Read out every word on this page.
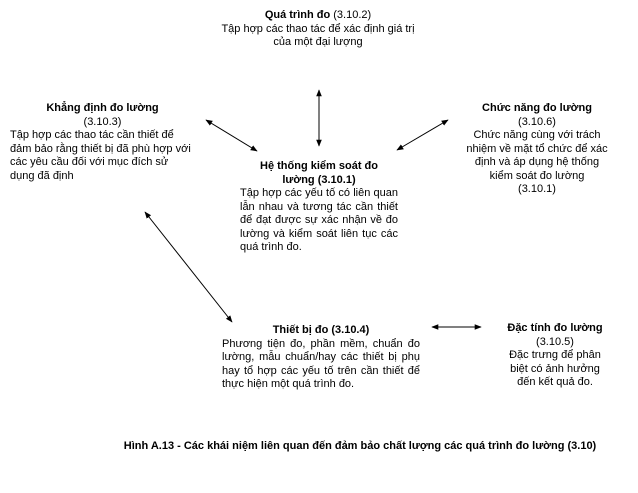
Quá trình đo (3.10.2)
Tập hợp các thao tác để xác định giá trị của một đại lượng
Khẳng định đo lường
(3.10.3)
Tập hợp các thao tác cần thiết để đảm bảo rằng thiết bị đã phù hợp với các yêu cầu đối với mục đích sử dụng đã định
Chức năng đo lường
(3.10.6)
Chức năng cùng với trách nhiệm về mặt tổ chức để xác định và áp dụng hệ thống kiểm soát đo lường
(3.10.1)
Hệ thống kiểm soát đo lường (3.10.1)
Tập hợp các yếu tố có liên quan lẫn nhau và tương tác cần thiết để đạt được sự xác nhận về đo lường và kiểm soát liên tục các quá trình đo.
Thiết bị đo (3.10.4)
Phương tiện đo, phần mềm, chuẩn đo lường, mẫu chuẩn/hay các thiết bị phụ hay tổ hợp các yếu tố trên cần thiết để thực hiện một quá trình đo.
Đặc tính đo lường
(3.10.5)
Đặc trưng để phân biệt có ảnh hưởng đến kết quả đo.
Hình A.13 - Các khái niệm liên quan đến đảm bảo chất lượng các quá trình đo lường (3.10)
